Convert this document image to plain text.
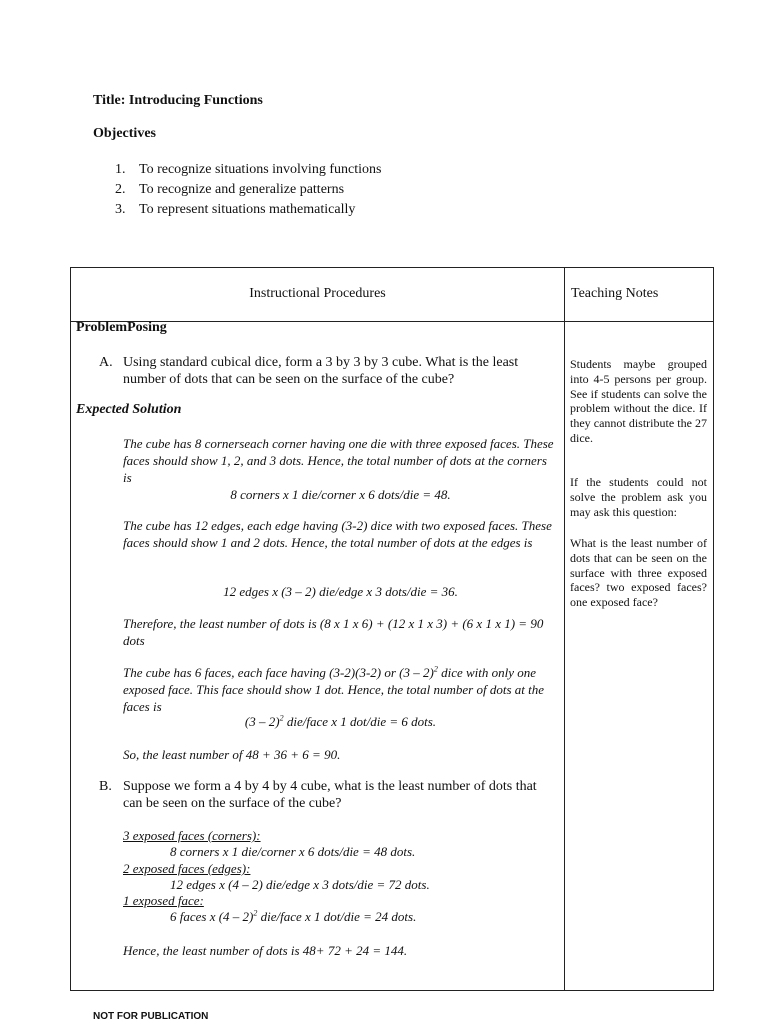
Title: Introducing Functions
Objectives
1. To recognize situations involving functions
2. To recognize and generalize patterns
3. To represent situations mathematically
Instructional Procedures	Teaching Notes
ProblemPosing
A. Using standard cubical dice, form a 3 by 3 by 3 cube. What is the least number of dots that can be seen on the surface of the cube?
Expected Solution
The cube has 8 cornerseach corner having one die with three exposed faces. These faces should show 1, 2, and 3 dots. Hence, the total number of dots at the corners is
8 corners x 1 die/corner x 6 dots/die = 48.
The cube has 12 edges, each edge having (3-2) dice with two exposed faces. These faces should show 1 and 2 dots. Hence, the total number of dots at the edges is
12 edges x (3 – 2) die/edge x 3 dots/die = 36.
Therefore, the least number of dots is (8 x 1 x 6) + (12 x 1 x 3) + (6 x 1 x 1) = 90 dots
The cube has 6 faces, each face having (3-2)(3-2) or (3 – 2)$^2$ dice with only one exposed face. This face should show 1 dot. Hence, the total number of dots at the faces is
(3 – 2)$^2$ die/face x 1 dot/die = 6 dots.
So, the least number of 48 + 36 + 6 = 90.
B. Suppose we form a 4 by 4 by 4 cube, what is the least number of dots that can be seen on the surface of the cube?
3 exposed faces (corners):
8 corners x 1 die/corner x 6 dots/die = 48 dots.
2 exposed faces (edges):
12 edges x (4 – 2) die/edge x 3 dots/die = 72 dots.
1 exposed face:
6 faces x (4 – 2)$^2$ die/face x 1 dot/die = 24 dots.
Hence, the least number of dots is 48+ 72 + 24 = 144.
Students maybe grouped into 4-5 persons per group. See if students can solve the problem without the dice. If they cannot distribute the 27 dice.
If the students could not solve the problem ask you may ask this question:
What is the least number of dots that can be seen on the surface with three exposed faces? two exposed faces? one exposed face?
NOT FOR PUBLICATION
